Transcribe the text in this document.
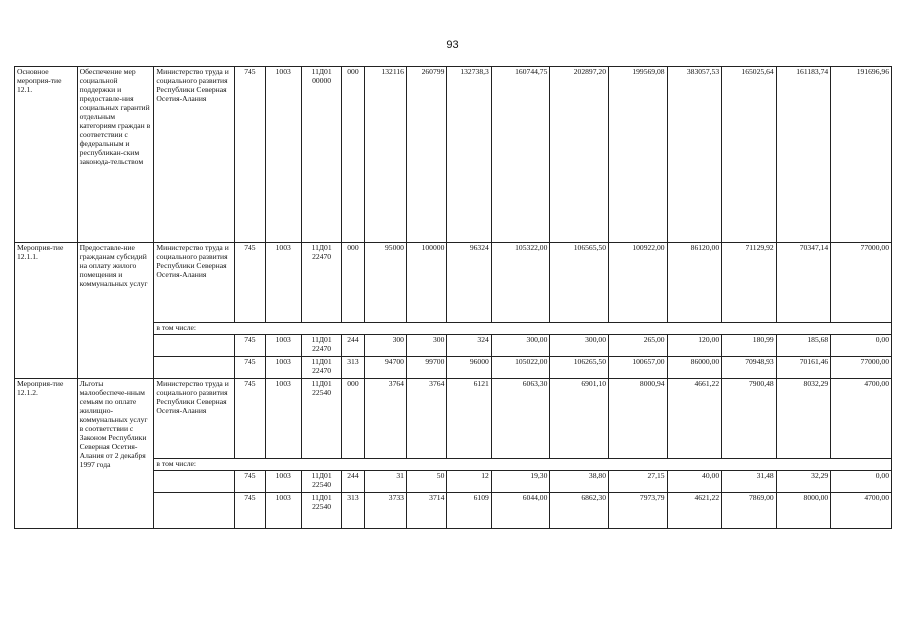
93
Основное мероприя-тие 12.1.	Обеспечение мер социальной поддержки и предоставле-ния социальных гарантий отдельным категориям граждан в соответствии с федеральным и республикан-ским законода-тельством	Министерство труда и социального развития Республики Северная Осетия-Алания	745	1003	11Д01 00000	000	132116	260799	132738,3	160744,75	202897,20	199569,08	383057,53	165025,64	161183,74	191696,96
Мероприя-тие 12.1.1.	Предоставле-ние гражданам субсидий на оплату жилого помещения и коммунальных услуг	Министерство труда и социального развития Республики Северная Осетия-Алания	745	1003	11Д01 22470	000	95000	100000	96324	105322,00	106565,50	100922,00	86120,00	71129,92	70347,14	77000,00
		в том числе:														
			745	1003	11Д01 22470	244	300	300	324	300,00	300,00	265,00	120,00	180,99	185,68	0,00
			745	1003	11Д01 22470	313	94700	99700	96000	105022,00	106265,50	100657,00	86000,00	70948,93	70161,46	77000,00
Мероприя-тие 12.1.2.	Льготы малообеспече-нным семьям по оплате жилищно-коммунальных услуг в соответствии с Законом Республики Северная Осетия-Алания от 2 декабря 1997 года	Министерство труда и социального развития Республики Северная Осетия-Алания	745	1003	11Д01 22540	000	3764	3764	6121	6063,30	6901,10	8000,94	4661,22	7900,48	8032,29	4700,00
		в том числе:														
			745	1003	11Д01 22540	244	31	50	12	19,30	38,80	27,15	40,00	31,48	32,29	0,00
			745	1003	11Д01 22540	313	3733	3714	6109	6044,00	6862,30	7973,79	4621,22	7869,00	8000,00	4700,00
